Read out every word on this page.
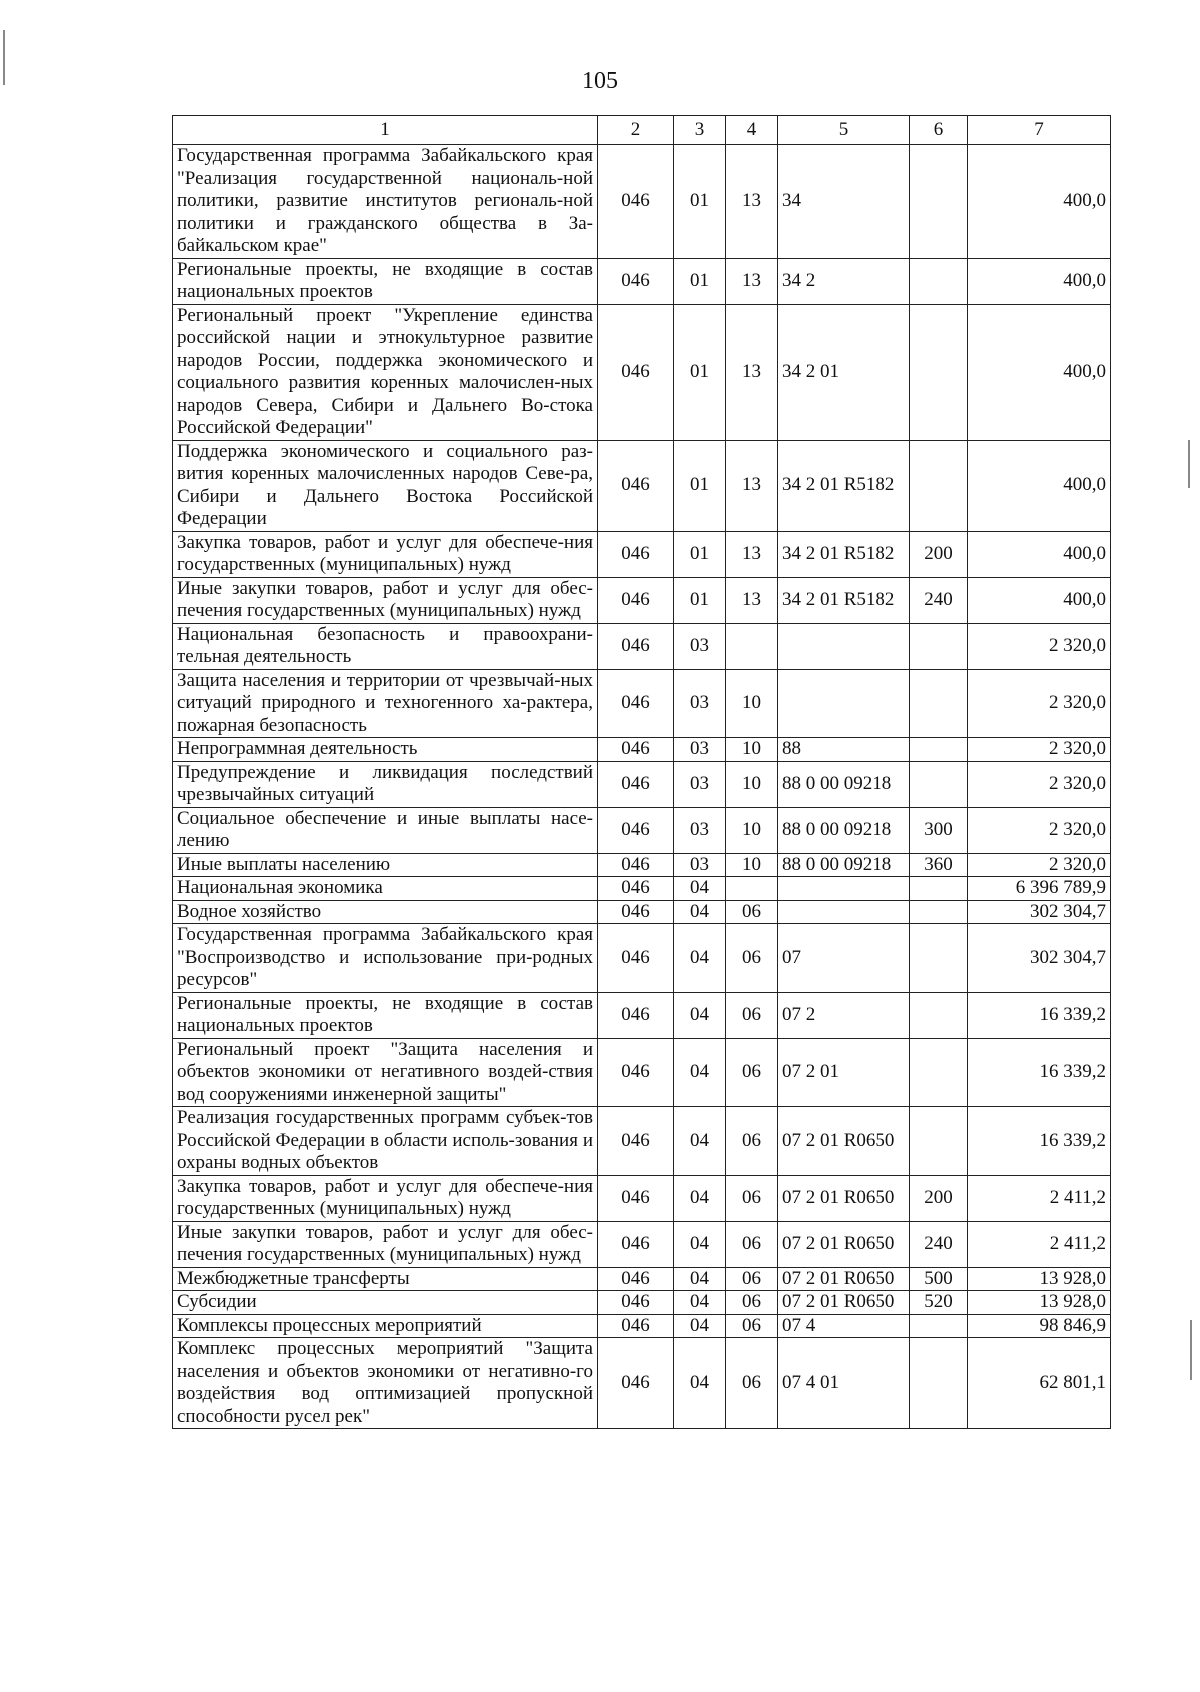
105
1	2	3	4	5	6	7
Государственная программа Забайкальского края "Реализация государственной националь-ной политики, развитие институтов региональ-ной политики и гражданского общества в За-байкальском крае"	046	01	13	34		400,0
Региональные проекты, не входящие в состав национальных проектов	046	01	13	34 2		400,0
Региональный проект "Укрепление единства российской нации и этнокультурное развитие народов России, поддержка экономического и социального развития коренных малочислен-ных народов Севера, Сибири и Дальнего Во-стока Российской Федерации"	046	01	13	34 2 01		400,0
Поддержка экономического и социального раз-вития коренных малочисленных народов Севе-ра, Сибири и Дальнего Востока Российской Федерации	046	01	13	34 2 01 R5182		400,0
Закупка товаров, работ и услуг для обеспече-ния государственных (муниципальных) нужд	046	01	13	34 2 01 R5182	200	400,0
Иные закупки товаров, работ и услуг для обес-печения государственных (муниципальных) нужд	046	01	13	34 2 01 R5182	240	400,0
Национальная безопасность и правоохрани-тельная деятельность	046	03				2 320,0
Защита населения и территории от чрезвычай-ных ситуаций природного и техногенного ха-рактера, пожарная безопасность	046	03	10			2 320,0
Непрограммная деятельность	046	03	10	88		2 320,0
Предупреждение и ликвидация последствий чрезвычайных ситуаций	046	03	10	88 0 00 09218		2 320,0
Социальное обеспечение и иные выплаты насе-лению	046	03	10	88 0 00 09218	300	2 320,0
Иные выплаты населению	046	03	10	88 0 00 09218	360	2 320,0
Национальная экономика	046	04				6 396 789,9
Водное хозяйство	046	04	06			302 304,7
Государственная программа Забайкальского края "Воспроизводство и использование при-родных ресурсов"	046	04	06	07		302 304,7
Региональные проекты, не входящие в состав национальных проектов	046	04	06	07 2		16 339,2
Региональный проект "Защита населения и объектов экономики от негативного воздей-ствия вод сооружениями инженерной защиты"	046	04	06	07 2 01		16 339,2
Реализация государственных программ субъек-тов Российской Федерации в области исполь-зования и охраны водных объектов	046	04	06	07 2 01 R0650		16 339,2
Закупка товаров, работ и услуг для обеспече-ния государственных (муниципальных) нужд	046	04	06	07 2 01 R0650	200	2 411,2
Иные закупки товаров, работ и услуг для обес-печения государственных (муниципальных) нужд	046	04	06	07 2 01 R0650	240	2 411,2
Межбюджетные трансферты	046	04	06	07 2 01 R0650	500	13 928,0
Субсидии	046	04	06	07 2 01 R0650	520	13 928,0
Комплексы процессных мероприятий	046	04	06	07 4		98 846,9
Комплекс процессных мероприятий "Защита населения и объектов экономики от негативно-го воздействия вод оптимизацией пропускной способности русел рек"	046	04	06	07 4 01		62 801,1
